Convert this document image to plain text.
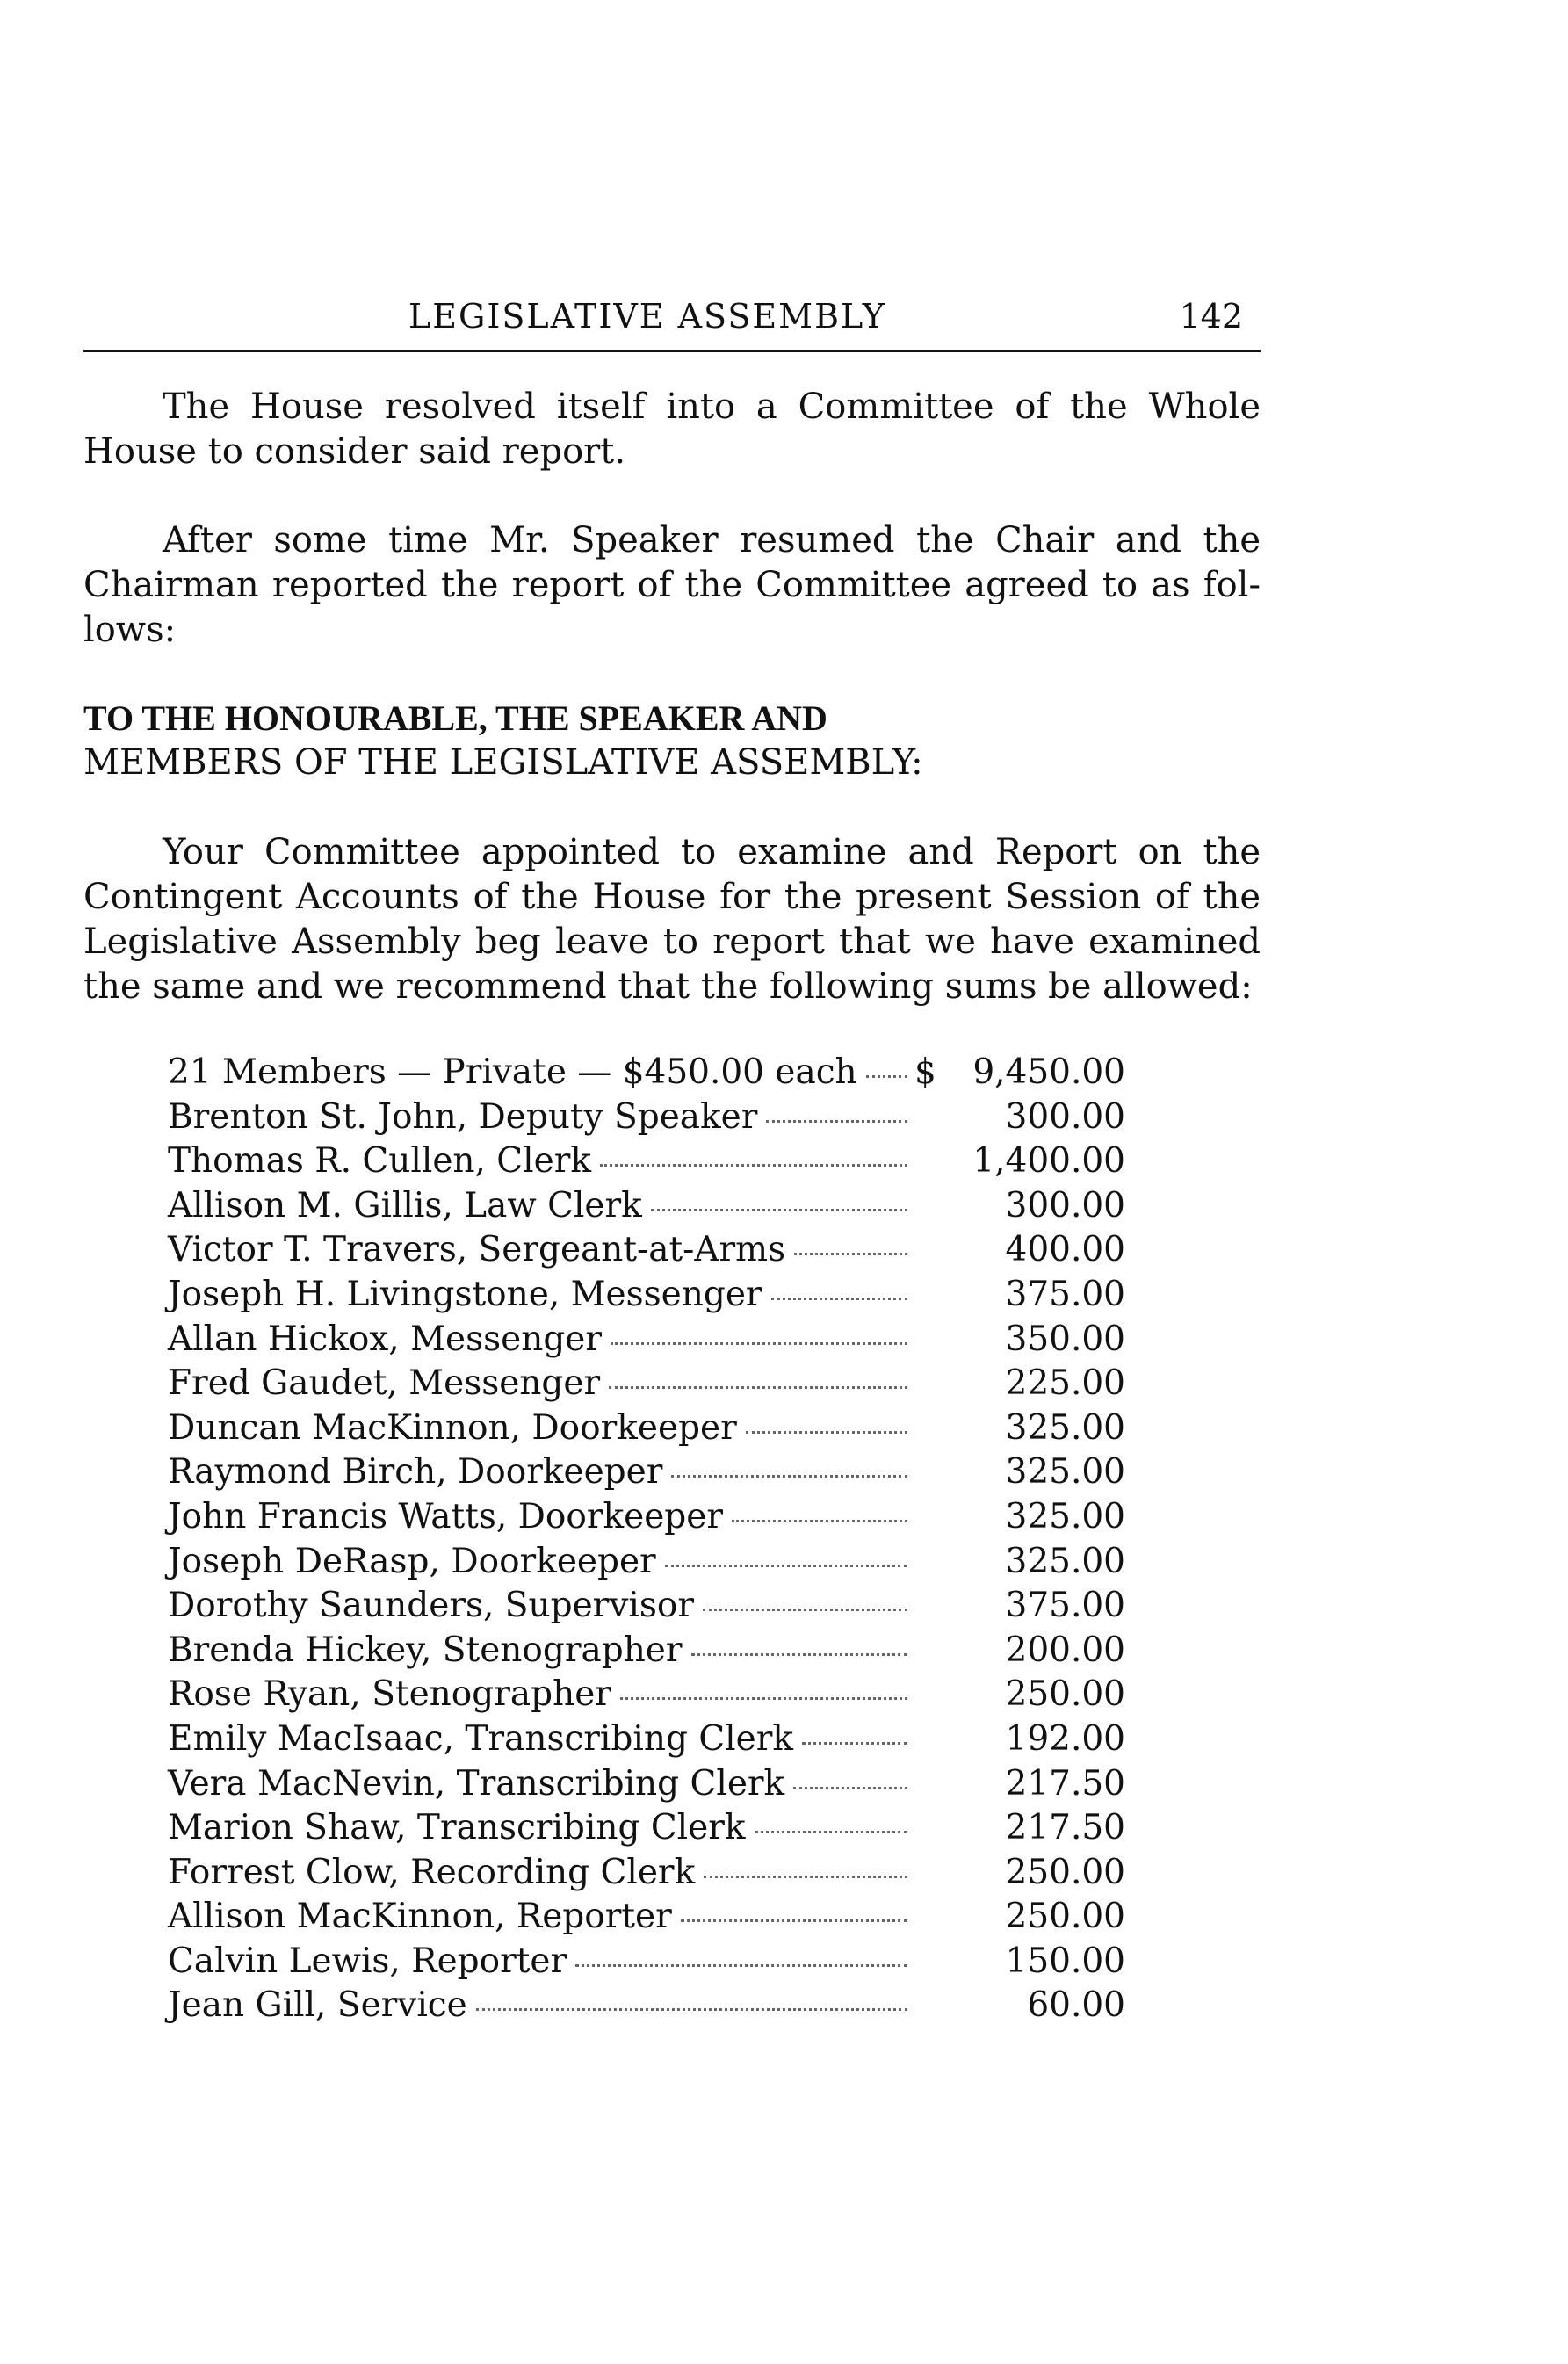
LEGISLATIVE ASSEMBLY	142

The House resolved itself into a Committee of the Whole House to consider said report.

After some time Mr. Speaker resumed the Chair and the Chairman reported the report of the Committee agreed to as fol-lows:

TO THE HONOURABLE, THE SPEAKER AND
MEMBERS OF THE LEGISLATIVE ASSEMBLY:

Your Committee appointed to examine and Report on the Contingent Accounts of the House for the present Session of the Legislative Assembly beg leave to report that we have examined the same and we recommend that the following sums be allowed:

21 Members — Private — $450.00 each $	9,450.00
Brenton St. John, Deputy Speaker	300.00
Thomas R. Cullen, Clerk	1,400.00
Allison M. Gillis, Law Clerk	300.00
Victor T. Travers, Sergeant-at-Arms	400.00
Joseph H. Livingstone, Messenger	375.00
Allan Hickox, Messenger	350.00
Fred Gaudet, Messenger	225.00
Duncan MacKinnon, Doorkeeper	325.00
Raymond Birch, Doorkeeper	325.00
John Francis Watts, Doorkeeper	325.00
Joseph DeRasp, Doorkeeper	325.00
Dorothy Saunders, Supervisor	375.00
Brenda Hickey, Stenographer	200.00
Rose Ryan, Stenographer	250.00
Emily MacIsaac, Transcribing Clerk	192.00
Vera MacNevin, Transcribing Clerk	217.50
Marion Shaw, Transcribing Clerk	217.50
Forrest Clow, Recording Clerk	250.00
Allison MacKinnon, Reporter	250.00
Calvin Lewis, Reporter	150.00
Jean Gill, Service	60.00
